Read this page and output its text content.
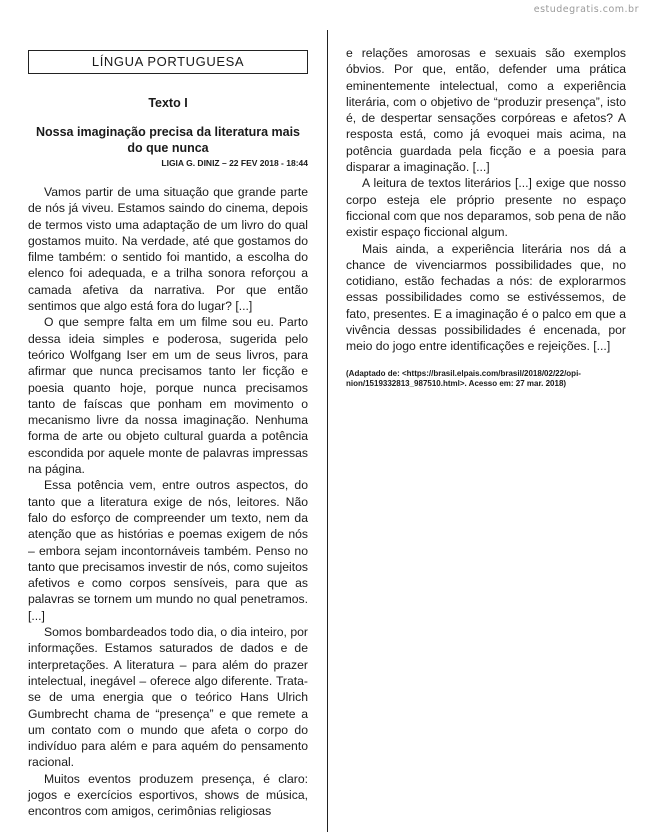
estudegratis.com.br
LÍNGUA PORTUGUESA
Texto I
Nossa imaginação precisa da literatura mais do que nunca
LIGIA G. DINIZ – 22 FEV 2018 - 18:44

Vamos partir de uma situação que grande parte de nós já viveu. Estamos saindo do cinema, depois de termos visto uma adaptação de um livro do qual gostamos muito. Na verdade, até que gostamos do filme também: o sentido foi mantido, a escolha do elenco foi adequada, e a trilha sonora reforçou a camada afetiva da narrativa. Por que então sentimos que algo está fora do lugar? [...]

O que sempre falta em um filme sou eu. Parto dessa ideia simples e poderosa, sugerida pelo teórico Wolfgang Iser em um de seus livros, para afirmar que nunca precisamos tanto ler ficção e poesia quanto hoje, porque nunca precisamos tanto de faíscas que ponham em movimento o mecanismo livre da nossa imaginação. Nenhuma forma de arte ou objeto cultural guarda a potência escondida por aquele monte de palavras impressas na página.

Essa potência vem, entre outros aspectos, do tanto que a literatura exige de nós, leitores. Não falo do esforço de compreender um texto, nem da atenção que as histórias e poemas exigem de nós – embora sejam incontornáveis também. Penso no tanto que precisamos investir de nós, como sujeitos afetivos e como corpos sensíveis, para que as palavras se tornem um mundo no qual penetramos. [...]

Somos bombardeados todo dia, o dia inteiro, por informações. Estamos saturados de dados e de interpretações. A literatura – para além do prazer intelectual, inegável – oferece algo diferente. Trata-se de uma energia que o teórico Hans Ulrich Gumbrecht chama de “presença” e que remete a um contato com o mundo que afeta o corpo do indivíduo para além e para aquém do pensamento racional.

Muitos eventos produzem presença, é claro: jogos e exercícios esportivos, shows de música, encontros com amigos, cerimônias religiosas

e relações amorosas e sexuais são exemplos óbvios. Por que, então, defender uma prática eminentemente intelectual, como a experiência literária, com o objetivo de “produzir presença”, isto é, de despertar sensações corpóreas e afetos? A resposta está, como já evoquei mais acima, na potência guardada pela ficção e a poesia para disparar a imaginação. [...]

A leitura de textos literários [...] exige que nosso corpo esteja ele próprio presente no espaço ficcional com que nos deparamos, sob pena de não existir espaço ficcional algum.

Mais ainda, a experiência literária nos dá a chance de vivenciarmos possibilidades que, no cotidiano, estão fechadas a nós: de explorarmos essas possibilidades como se estivéssemos, de fato, presentes. E a imaginação é o palco em que a vivência dessas possibilidades é encenada, por meio do jogo entre identificações e rejeições. [...]

(Adaptado de: <https://brasil.elpais.com/brasil/2018/02/22/opi-nion/1519332813_987510.html>. Acesso em: 27 mar. 2018)
